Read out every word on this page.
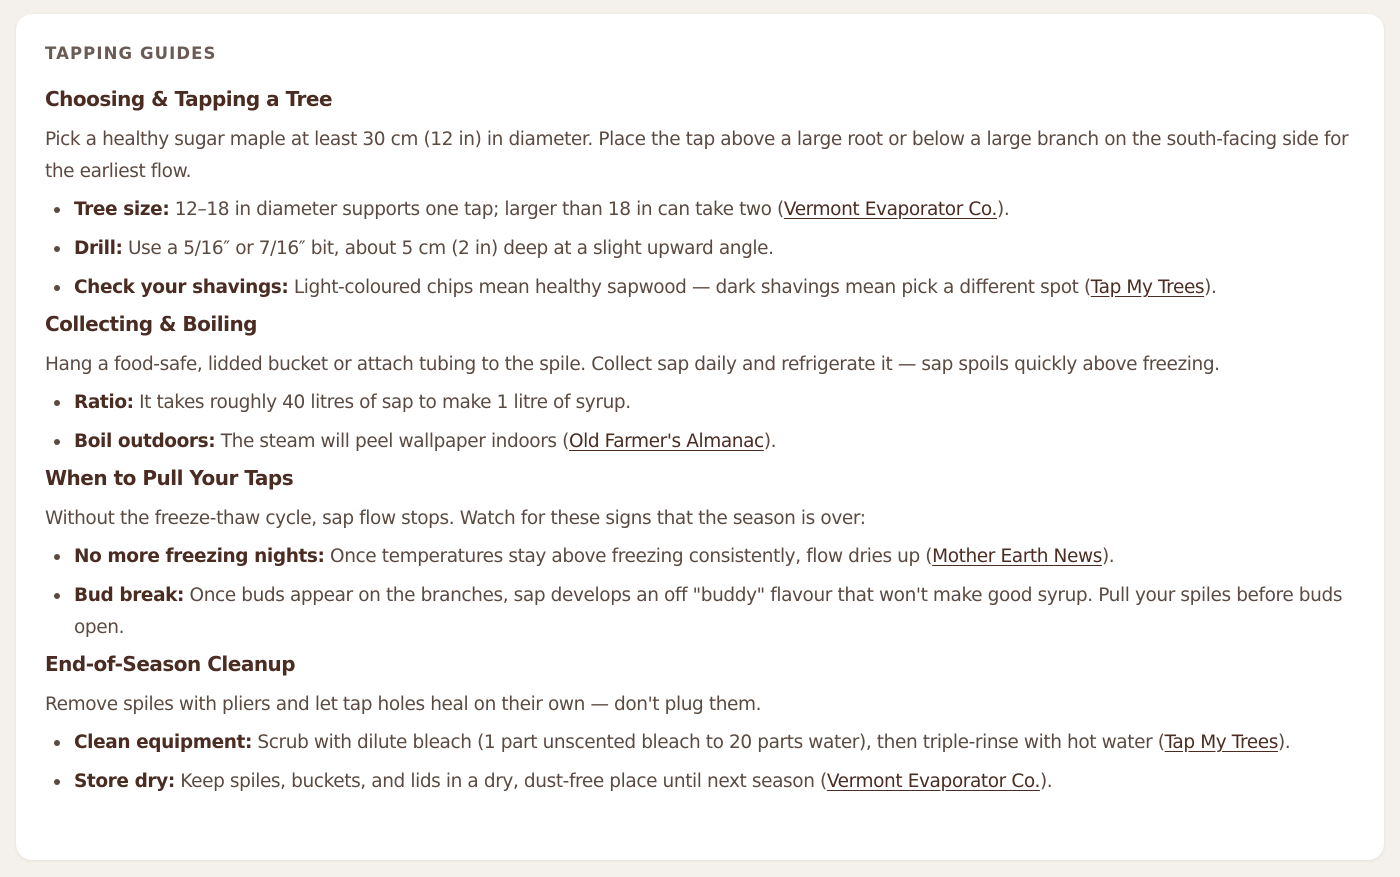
TAPPING GUIDES
Choosing & Tapping a Tree

Pick a healthy sugar maple at least 30 cm (12 in) in diameter. Place the tap above a large root or below a large branch on the south-facing side for the earliest flow.

Tree size: 12–18 in diameter supports one tap; larger than 18 in can take two (Vermont Evaporator Co.).
Drill: Use a 5/16″ or 7/16″ bit, about 5 cm (2 in) deep at a slight upward angle.
Check your shavings: Light-coloured chips mean healthy sapwood — dark shavings mean pick a different spot (Tap My Trees).
Collecting & Boiling

Hang a food-safe, lidded bucket or attach tubing to the spile. Collect sap daily and refrigerate it — sap spoils quickly above freezing.

Ratio: It takes roughly 40 litres of sap to make 1 litre of syrup.
Boil outdoors: The steam will peel wallpaper indoors (Old Farmer's Almanac).
When to Pull Your Taps

Without the freeze-thaw cycle, sap flow stops. Watch for these signs that the season is over:

No more freezing nights: Once temperatures stay above freezing consistently, flow dries up (Mother Earth News).
Bud break: Once buds appear on the branches, sap develops an off "buddy" flavour that won't make good syrup. Pull your spiles before buds open.
End-of-Season Cleanup

Remove spiles with pliers and let tap holes heal on their own — don't plug them.

Clean equipment: Scrub with dilute bleach (1 part unscented bleach to 20 parts water), then triple-rinse with hot water (Tap My Trees).
Store dry: Keep spiles, buckets, and lids in a dry, dust-free place until next season (Vermont Evaporator Co.).
